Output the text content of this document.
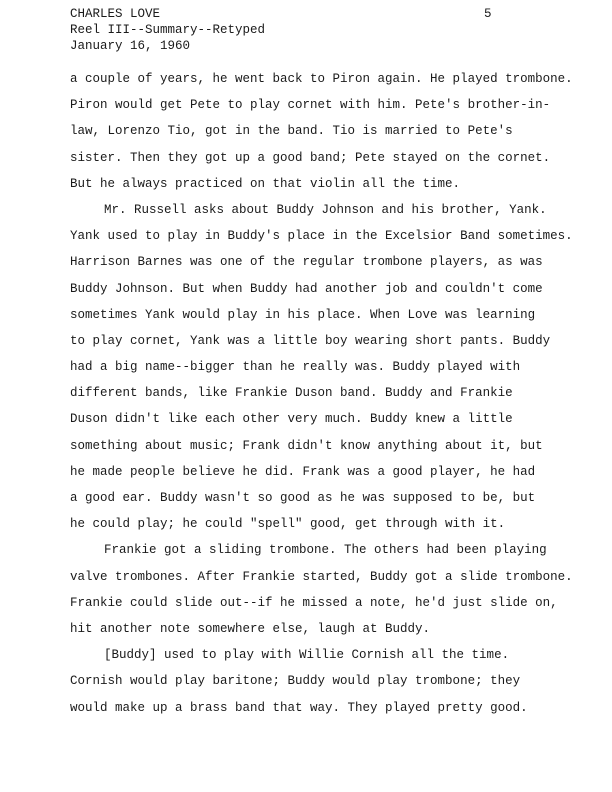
CHARLES LOVE
Reel III--Summary--Retyped
January 16, 1960
5
a couple of years, he went back to Piron again. He played trombone.
Piron would get Pete to play cornet with him. Pete's brother-in-
law, Lorenzo Tio, got in the band. Tio is married to Pete's
sister. Then they got up a good band; Pete stayed on the cornet.
But he always practiced on that violin all the time.
Mr. Russell asks about Buddy Johnson and his brother, Yank.
Yank used to play in Buddy's place in the Excelsior Band sometimes.
Harrison Barnes was one of the regular trombone players, as was
Buddy Johnson. But when Buddy had another job and couldn't come
sometimes Yank would play in his place. When Love was learning
to play cornet, Yank was a little boy wearing short pants. Buddy
had a big name--bigger than he really was. Buddy played with
different bands, like Frankie Duson band. Buddy and Frankie
Duson didn't like each other very much. Buddy knew a little
something about music; Frank didn't know anything about it, but
he made people believe he did. Frank was a good player, he had
a good ear. Buddy wasn't so good as he was supposed to be, but
he could play; he could "spell" good, get through with it.
Frankie got a sliding trombone. The others had been playing
valve trombones. After Frankie started, Buddy got a slide trombone.
Frankie could slide out--if he missed a note, he'd just slide on,
hit another note somewhere else, laugh at Buddy.
[Buddy] used to play with Willie Cornish all the time.
Cornish would play baritone; Buddy would play trombone; they
would make up a brass band that way. They played pretty good.
